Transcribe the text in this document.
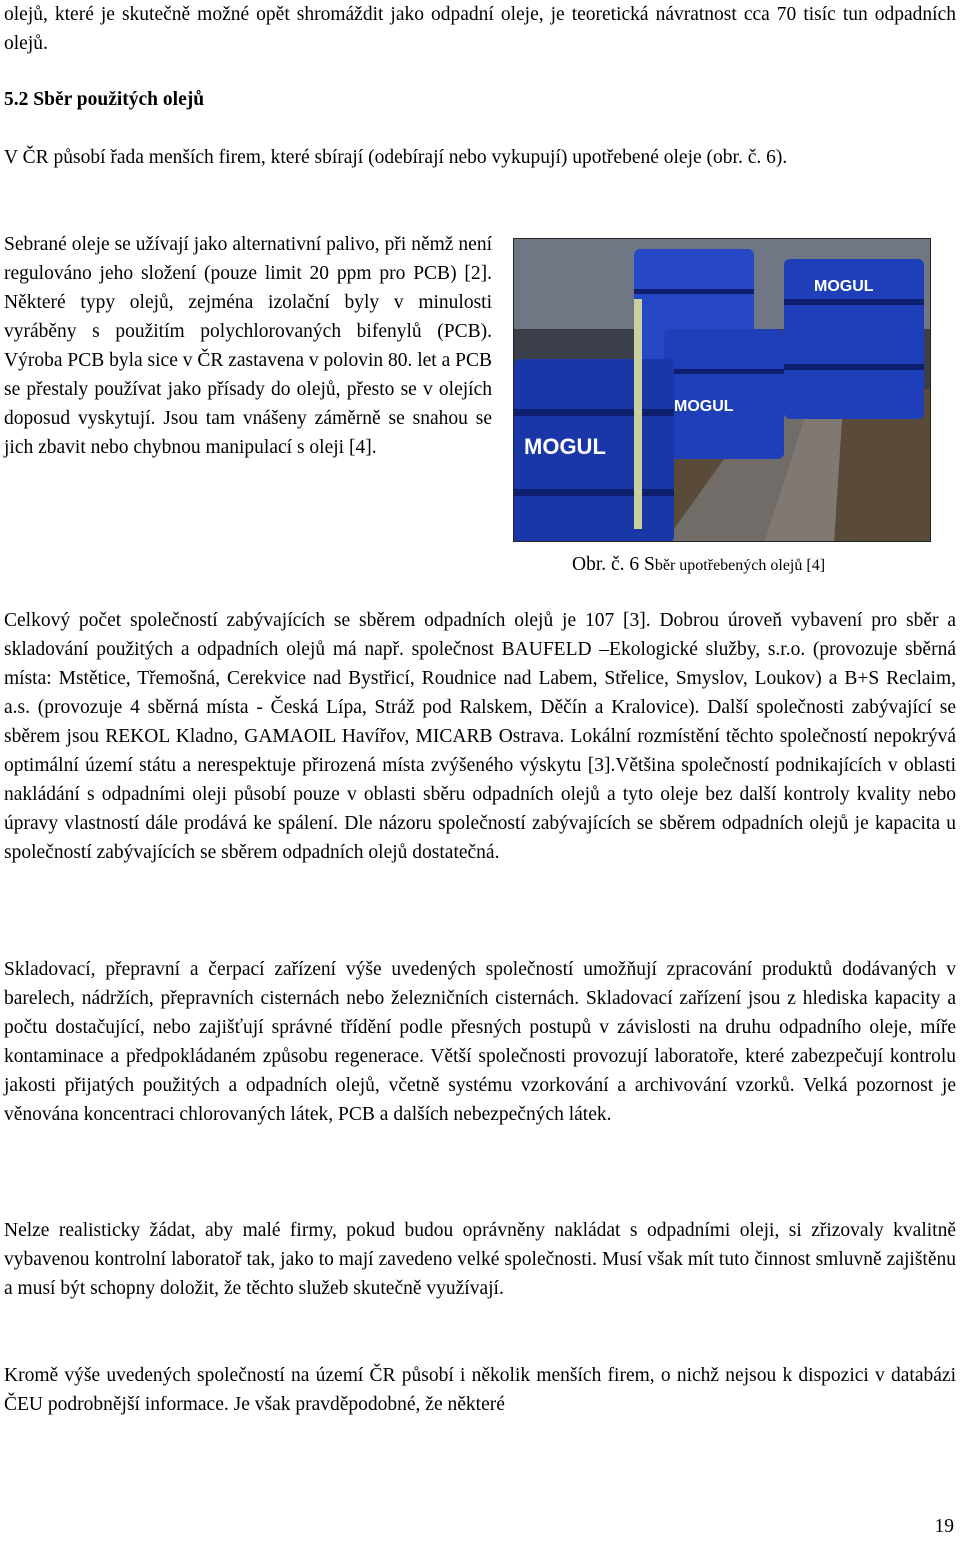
olejů, které je skutečně možné opět shromáždit jako odpadní oleje, je teoretická návratnost cca 70 tisíc tun odpadních olejů.

5.2 Sběr použitých olejů

V ČR působí řada menších firem, které sbírají (odebírají nebo vykupují) upotřebené oleje (obr. č. 6).

Sebrané oleje se užívají jako alternativní palivo, při němž není regulováno jeho složení (pouze limit 20 ppm pro PCB) [2]. Některé typy olejů, zejména izolační byly v minulosti vyráběny s použitím polychlorovaných bifenylů (PCB). Výroba PCB byla sice v ČR zastavena v polovin 80. let a PCB se přestaly používat jako přísady do olejů, přesto se v olejích doposud vyskytují. Jsou tam vnášeny záměrně se snahou se jich zbavit nebo chybnou manipulací s oleji [4].	MOGUL
MOGUL
MOGUL
Obr. č. 6 Sběr upotřebených olejů [4]

Celkový počet společností zabývajících se sběrem odpadních olejů je 107 [3]. Dobrou úroveň vybavení pro sběr a skladování použitých a odpadních olejů má např. společnost BAUFELD –Ekologické služby, s.r.o. (provozuje sběrná místa: Mstětice, Třemošná, Cerekvice nad Bystřicí, Roudnice nad Labem, Střelice, Smyslov, Loukov) a B+S Reclaim, a.s. (provozuje 4 sběrná místa - Česká Lípa, Stráž pod Ralskem, Děčín a Kralovice). Další společnosti zabývající se sběrem jsou REKOL Kladno, GAMAOIL Havířov, MICARB Ostrava. Lokální rozmístění těchto společností nepokrývá optimální území státu a nerespektuje přirozená místa zvýšeného výskytu [3].Většina společností podnikajících v oblasti nakládání s odpadními oleji působí pouze v oblasti sběru odpadních olejů a tyto oleje bez další kontroly kvality nebo úpravy vlastností dále prodává ke spálení. Dle názoru společností zabývajících se sběrem odpadních olejů je kapacita u společností zabývajících se sběrem odpadních olejů dostatečná.

Skladovací, přepravní a čerpací zařízení výše uvedených společností umožňují zpracování produktů dodávaných v barelech, nádržích, přepravních cisternách nebo železničních cisternách. Skladovací zařízení jsou z hlediska kapacity a počtu dostačující, nebo zajišťují správné třídění podle přesných postupů v závislosti na druhu odpadního oleje, míře kontaminace a předpokládaném způsobu regenerace. Větší společnosti provozují laboratoře, které zabezpečují kontrolu jakosti přijatých použitých a odpadních olejů, včetně systému vzorkování a archivování vzorků. Velká pozornost je věnována koncentraci chlorovaných látek, PCB a dalších nebezpečných látek.

Nelze realisticky žádat, aby malé firmy, pokud budou oprávněny nakládat s odpadními oleji, si zřizovaly kvalitně vybavenou kontrolní laboratoř tak, jako to mají zavedeno velké společnosti. Musí však mít tuto činnost smluvně zajištěnu a musí být schopny doložit, že těchto služeb skutečně využívají.

Kromě výše uvedených společností na území ČR působí i několik menších firem, o nichž nejsou k dispozici v databázi ČEU podrobnější informace. Je však pravděpodobné, že některé

19
